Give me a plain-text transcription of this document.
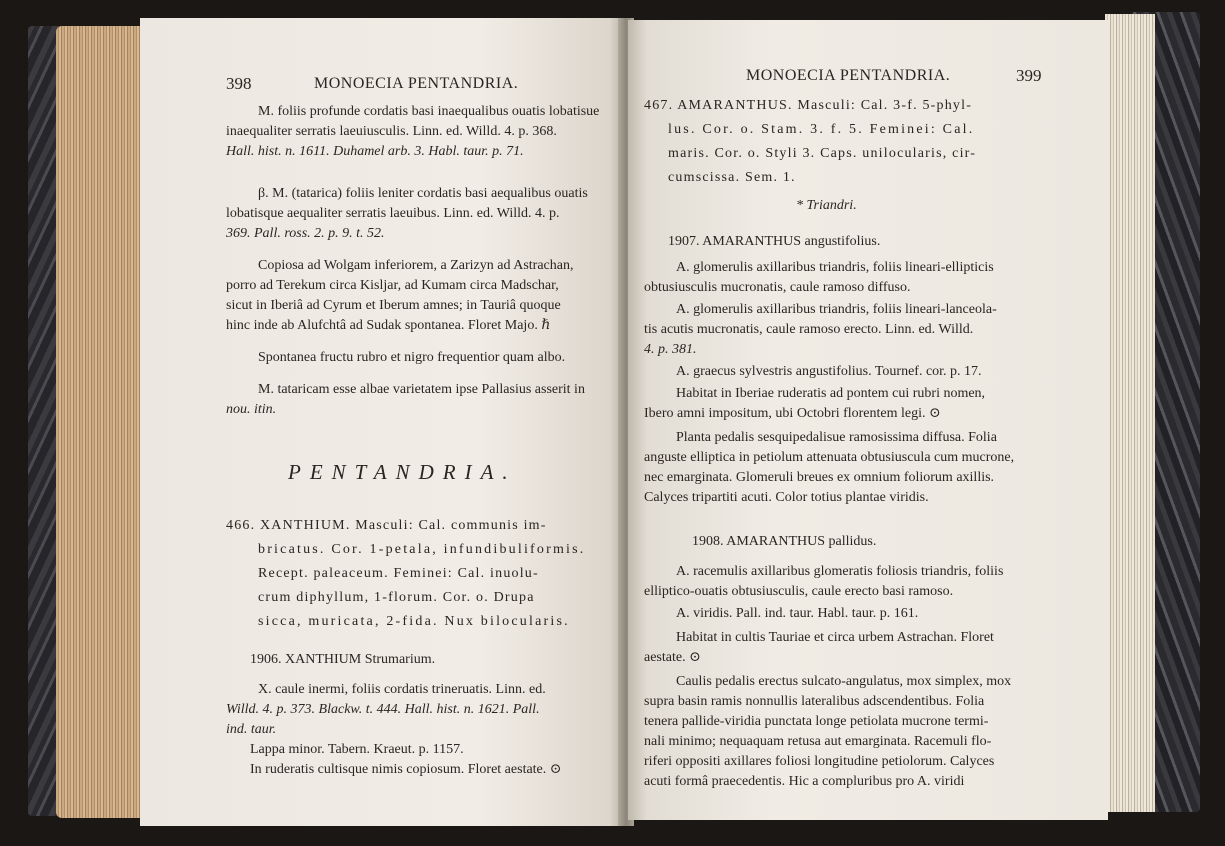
398	MONOECIA PENTANDRIA.
M. foliis profunde cordatis basi inaequalibus ouatis lobatisue
inaequaliter serratis laeuiusculis. Linn. ed. Willd. 4. p. 368.
Hall. hist. n. 1611. Duhamel arb. 3. Habl. taur. p. 71.
β. M. (tatarica) foliis leniter cordatis basi aequalibus ouatis
lobatisque aequaliter serratis laeuibus. Linn. ed. Willd. 4. p.
369. Pall. ross. 2. p. 9. t. 52.
Copiosa ad Wolgam inferiorem, a Zarizyn ad Astrachan,
porro ad Terekum circa Kisljar, ad Kumam circa Madschar,
sicut in Iberiâ ad Cyrum et Iberum amnes; in Tauriâ quoque
hinc inde ab Alufchtâ ad Sudak spontanea. Floret Majo. ℏ
Spontanea fructu rubro et nigro frequentior quam albo.
M. tataricam esse albae varietatem ipse Pallasius asserit in
nou. itin.
PENTANDRIA.
466. XANTHIUM. Masculi: Cal. communis im-
bricatus. Cor. 1-petala, infundibuliformis.
Recept. paleaceum. Feminei: Cal. inuolu-
crum diphyllum, 1-florum. Cor. o. Drupa
sicca, muricata, 2-fida. Nux bilocularis.
1906. XANTHIUM Strumarium.
X. caule inermi, foliis cordatis trineruatis. Linn. ed.
Willd. 4. p. 373. Blackw. t. 444. Hall. hist. n. 1621. Pall.
ind. taur.
Lappa minor. Tabern. Kraeut. p. 1157.
In ruderatis cultisque nimis copiosum. Floret aestate. ⊙
MONOECIA PENTANDRIA.	399
467. AMARANTHUS. Masculi: Cal. 3-f. 5-phyl-
lus. Cor. o. Stam. 3. f. 5. Feminei: Cal.
maris. Cor. o. Styli 3. Caps. unilocularis, cir-
cumscissa. Sem. 1.
* Triandri.
1907. AMARANTHUS angustifolius.
A. glomerulis axillaribus triandris, foliis lineari-ellipticis
obtusiusculis mucronatis, caule ramoso diffuso.
A. glomerulis axillaribus triandris, foliis lineari-lanceola-
tis acutis mucronatis, caule ramoso erecto. Linn. ed. Willd.
4. p. 381.
A. graecus sylvestris angustifolius. Tournef. cor. p. 17.
Habitat in Iberiae ruderatis ad pontem cui rubri nomen,
Ibero amni impositum, ubi Octobri florentem legi. ⊙
Planta pedalis sesquipedalisue ramosissima diffusa. Folia
anguste elliptica in petiolum attenuata obtusiuscula cum mucrone,
nec emarginata. Glomeruli breues ex omnium foliorum axillis.
Calyces tripartiti acuti. Color totius plantae viridis.
1908. AMARANTHUS pallidus.
A. racemulis axillaribus glomeratis foliosis triandris, foliis
elliptico-ouatis obtusiusculis, caule erecto basi ramoso.
A. viridis. Pall. ind. taur. Habl. taur. p. 161.
Habitat in cultis Tauriae et circa urbem Astrachan. Floret
aestate. ⊙
Caulis pedalis erectus sulcato-angulatus, mox simplex, mox
supra basin ramis nonnullis lateralibus adscendentibus. Folia
tenera pallide-viridia punctata longe petiolata mucrone termi-
nali minimo; nequaquam retusa aut emarginata. Racemuli flo-
riferi oppositi axillares foliosi longitudine petiolorum. Calyces
acuti formâ praecedentis. Hic a compluribus pro A. viridi
